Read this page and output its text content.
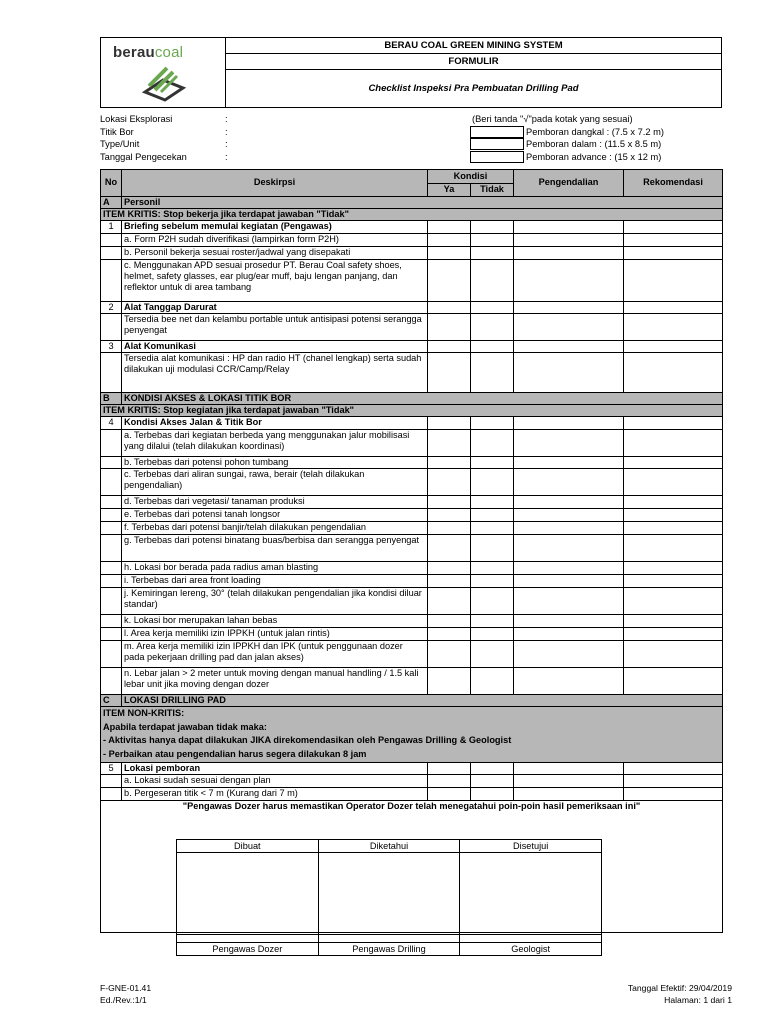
beraucoal	BERAU COAL GREEN MINING SYSTEM
FORMULIR
Checklist Inspeksi Pra Pembuatan Drilling Pad
Lokasi Eksplorasi	:	(Beri tanda "√"pada kotak yang sesuai)
Titik Bor	:	Pemboran dangkal : (7.5 x 7.2 m)
Type/Unit	:	Pemboran dalam : (11.5 x 8.5 m)
Tanggal Pengecekan	:	Pemboran advance : (15 x 12 m)
No	Deskirpsi	Kondisi		Pengendalian	Rekomendasi
		Ya	Tidak		
A	Personil				
ITEM KRITIS: Stop bekerja jika terdapat jawaban "Tidak"					
1	Briefing sebelum memulai kegiatan (Pengawas)				
	a. Form P2H sudah diverifikasi (lampirkan form P2H)				
	b. Personil bekerja sesuai roster/jadwal yang disepakati				
	c. Menggunakan APD sesuai prosedur PT. Berau Coal safety shoes, helmet, safety glasses, ear plug/ear muff, baju lengan panjang, dan reflektor untuk di area tambang				
2	Alat Tanggap Darurat				
	Tersedia bee net dan kelambu portable untuk antisipasi potensi serangga penyengat				
3	Alat Komunikasi				
	Tersedia alat komunikasi : HP dan radio HT (chanel lengkap) serta sudah dilakukan uji modulasi CCR/Camp/Relay				
B	KONDISI AKSES & LOKASI TITIK BOR				
ITEM KRITIS: Stop kegiatan jika terdapat jawaban "Tidak"					
4	Kondisi Akses Jalan & Titik Bor				
	a. Terbebas dari kegiatan berbeda yang menggunakan jalur mobilisasi yang dilalui (telah dilakukan koordinasi)				
	b. Terbebas dari potensi pohon tumbang				
	c. Terbebas dari aliran sungai, rawa, berair (telah dilakukan pengendalian)				
	d. Terbebas dari vegetasi/ tanaman produksi				
	e. Terbebas dari potensi tanah longsor				
	f. Terbebas dari potensi banjir/telah dilakukan pengendalian				
	g. Terbebas dari potensi binatang buas/berbisa dan serangga penyengat				
	h. Lokasi bor berada pada radius aman blasting				
	i. Terbebas dari area front loading				
	j. Kemiringan lereng, 30° (telah dilakukan pengendalian jika kondisi diluar standar)				
	k. Lokasi bor merupakan lahan bebas				
	l. Area kerja memiliki izin IPPKH (untuk jalan rintis)				
	m. Area kerja memiliki izin IPPKH dan IPK (untuk penggunaan dozer pada pekerjaan drilling pad dan jalan akses)				
	n. Lebar jalan > 2 meter untuk moving dengan manual handling / 1.5 kali lebar unit jika moving dengan dozer				
C	LOKASI DRILLING PAD				

ITEM NON-KRITIS:
Apabila terdapat jawaban tidak maka:
- Aktivitas hanya dapat dilakukan JIKA direkomendasikan oleh Pengawas Drilling & Geologist
- Perbaikan atau pengendalian harus segera dilakukan 8 jam					

5	Lokasi pemboran				
	a. Lokasi sudah sesuai dengan plan				
	b. Pergeseran titik < 7 m (Kurang dari 7 m)				
"Pengawas Dozer harus memastikan Operator Dozer telah menegatahui poin-poin hasil pemeriksaan ini"					

Dibuat	Diketahui	Disetujui

Pengawas Dozer	Pengawas Drilling	Geologist
F-GNE-01.41
Ed./Rev.:1/1
Tanggal Efektif: 29/04/2019
Halaman: 1 dari 1
